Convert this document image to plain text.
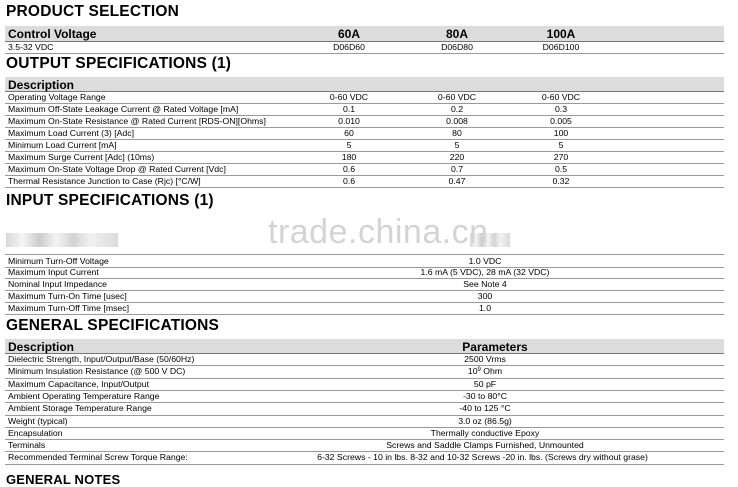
PRODUCT SELECTION
Control Voltage	60A	80A	100A
3.5-32 VDC	D06D60	D06D80	D06D100
OUTPUT SPECIFICATIONS (1)
Description
Operating Voltage Range	0-60 VDC	0-60 VDC	0-60 VDC
Maximum Off-State Leakage Current @ Rated Voltage [mA]	0.1	0.2	0.3
Maximum On-State Resistance @ Rated Current [RDS-ON][Ohms]	0.010	0.008	0.005
Maximum Load Current (3) [Adc]	60	80	100
Minimum Load Current [mA]	5	5	5
Maximum Surge Current [Adc] (10ms)	180	220	270
Maximum On-State Voltage Drop @ Rated Current [Vdc]	0.6	0.7	0.5
Thermal Resistance Junction to Case (Rjc) [°C/W]	0.6	0.47	0.32
INPUT SPECIFICATIONS (1)
trade.china.cn
Minimum Turn-Off Voltage	1.0 VDC
Maximum Input Current	1.6 mA (5 VDC), 28 mA (32 VDC)
Nominal Input Impedance	See Note 4
Maximum Turn-On Time [usec]	300
Maximum Turn-Off Time [msec]	1.0
GENERAL SPECIFICATIONS
Description	Parameters
Dielectric Strength, Input/Output/Base (50/60Hz)	2500 Vrms
Minimum Insulation Resistance (@ 500 V DC)	$10^9$ Ohm
Maximum Capacitance, Input/Output	50 pF
Ambient Operating Temperature Range	-30 to 80°C
Ambient Storage Temperature Range	-40 to 125 °C
Weight (typical)	3.0 oz (86.5g)
Encapsulation	Thermally conductive Epoxy
Terminals	Screws and Saddle Clamps Furnished, Unmounted
Recommended Terminal Screw Torque Range:	6-32 Screws - 10 in lbs. 8-32 and 10-32 Screws -20 in. lbs. (Screws dry without grase)
GENERAL NOTES
